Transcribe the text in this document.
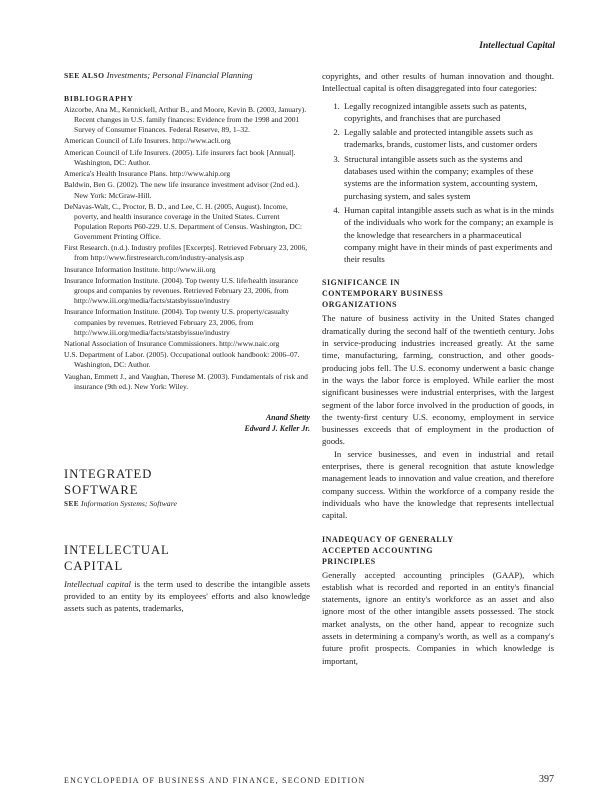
Intellectual Capital

SEE ALSO Investments; Personal Financial Planning

BIBLIOGRAPHY

Aizcorbe, Ana M., Kennickell, Arthur B., and Moore, Kevin B. (2003, January). Recent changes in U.S. family finances: Evidence from the 1998 and 2001 Survey of Consumer Finances. Federal Reserve, 89, 1–32.

American Council of Life Insurers. http://www.acli.org

American Council of Life Insurers. (2005). Life insurers fact book [Annual]. Washington, DC: Author.

America's Health Insurance Plans. http://www.ahip.org

Baldwin, Ben G. (2002). The new life insurance investment advisor (2nd ed.). New York: McGraw-Hill.

DeNavas-Walt, C., Proctor, B. D., and Lee, C. H. (2005, August). Income, poverty, and health insurance coverage in the United States. Current Population Reports P60-229. U.S. Department of Census. Washington, DC: Government Printing Office.

First Research. (n.d.). Industry profiles [Excerpts]. Retrieved February 23, 2006, from http://www.firstresearch.com/industry-analysis.asp

Insurance Information Institute. http://www.iii.org

Insurance Information Institute. (2004). Top twenty U.S. life/health insurance groups and companies by revenues. Retrieved February 23, 2006, from http://www.iii.org/media/facts/statsbyissue/industry

Insurance Information Institute. (2004). Top twenty U.S. property/casualty companies by revenues. Retrieved February 23, 2006, from http://www.iii.org/media/facts/statsbyissue/industry

National Association of Insurance Commissioners. http://www.naic.org

U.S. Department of Labor. (2005). Occupational outlook handbook: 2006–07. Washington, DC: Author.

Vaughan, Emmett J., and Vaughan, Therese M. (2003). Fundamentals of risk and insurance (9th ed.). New York: Wiley.

Anand Shetty
Edward J. Keller Jr.
INTEGRATED
SOFTWARE

SEE Information Systems; Software

INTELLECTUAL
CAPITAL

Intellectual capital is the term used to describe the intangible assets provided to an entity by its employees' efforts and also knowledge assets such as patents, trademarks,

copyrights, and other results of human innovation and thought. Intellectual capital is often disaggregated into four categories:

1. Legally recognized intangible assets such as patents, copyrights, and franchises that are purchased
2. Legally salable and protected intangible assets such as trademarks, brands, customer lists, and customer orders
3. Structural intangible assets such as the systems and databases used within the company; examples of these systems are the information system, accounting system, purchasing system, and sales system
4. Human capital intangible assets such as what is in the minds of the individuals who work for the company; an example is the knowledge that researchers in a pharmaceutical company might have in their minds of past experiments and their results
SIGNIFICANCE IN
CONTEMPORARY BUSINESS
ORGANIZATIONS

The nature of business activity in the United States changed dramatically during the second half of the twentieth century. Jobs in service-producing industries increased greatly. At the same time, manufacturing, farming, construction, and other goods-producing jobs fell. The U.S. economy underwent a basic change in the ways the labor force is employed. While earlier the most significant businesses were industrial enterprises, with the largest segment of the labor force involved in the production of goods, in the twenty-first century U.S. economy, employment in service businesses exceeds that of employment in the production of goods.

In service businesses, and even in industrial and retail enterprises, there is general recognition that astute knowledge management leads to innovation and value creation, and therefore company success. Within the workforce of a company reside the individuals who have the knowledge that represents intellectual capital.

INADEQUACY OF GENERALLY
ACCEPTED ACCOUNTING
PRINCIPLES

Generally accepted accounting principles (GAAP), which establish what is recorded and reported in an entity's financial statements, ignore an entity's workforce as an asset and also ignore most of the other intangible assets possessed. The stock market analysts, on the other hand, appear to recognize such assets in determining a company's worth, as well as a company's future profit prospects. Companies in which knowledge is important,

ENCYCLOPEDIA OF BUSINESS AND FINANCE, SECOND EDITION	397
